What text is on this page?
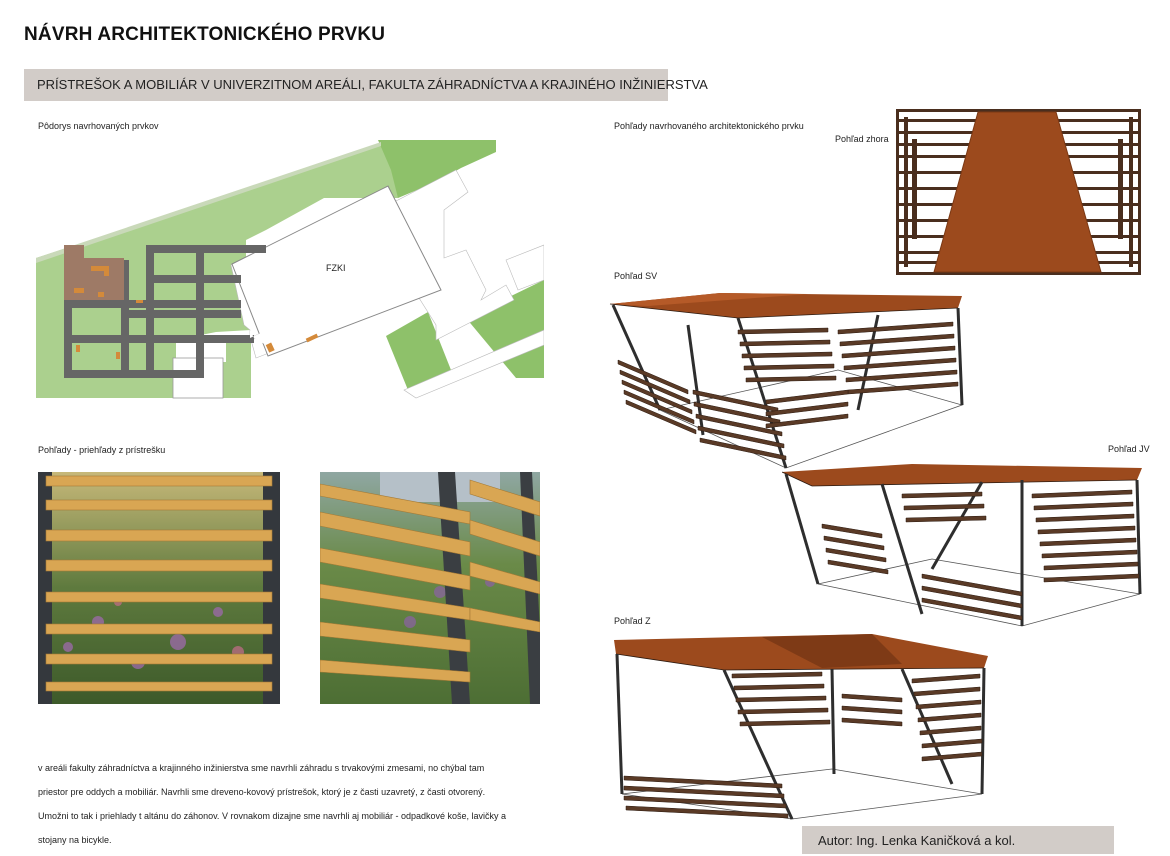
NÁVRH ARCHITEKTONICKÉHO PRVKU
PRÍSTREŠOK A MOBILIÁR V UNIVERZITNOM AREÁLI, FAKULTA ZÁHRADNÍCTVA A KRAJINÉHO INŽINIERSTVA
Pôdorys navrhovaných prvkov	Pohľady navrhovaného architektonického prvku
Pohľad zhora
Pohľad SV
Pohľad JV
Pohľad Z
Pohľady - priehľady z prístrešku
FZKI

v areáli fakulty záhradníctva a krajinného inžinierstva sme navrhli záhradu s trvakovými zmesami, no chýbal tam

priestor pre oddych a mobiliár. Navrhli sme dreveno-kovový prístrešok, ktorý je z časti uzavretý, z časti otvorený.

Umožni to tak i priehlady t altánu do záhonov. V rovnakom dizajne sme navrhli aj mobiliár - odpadkové koše, lavičky a

stojany na bicykle.	Autor: Ing. Lenka Kaničková a kol.
